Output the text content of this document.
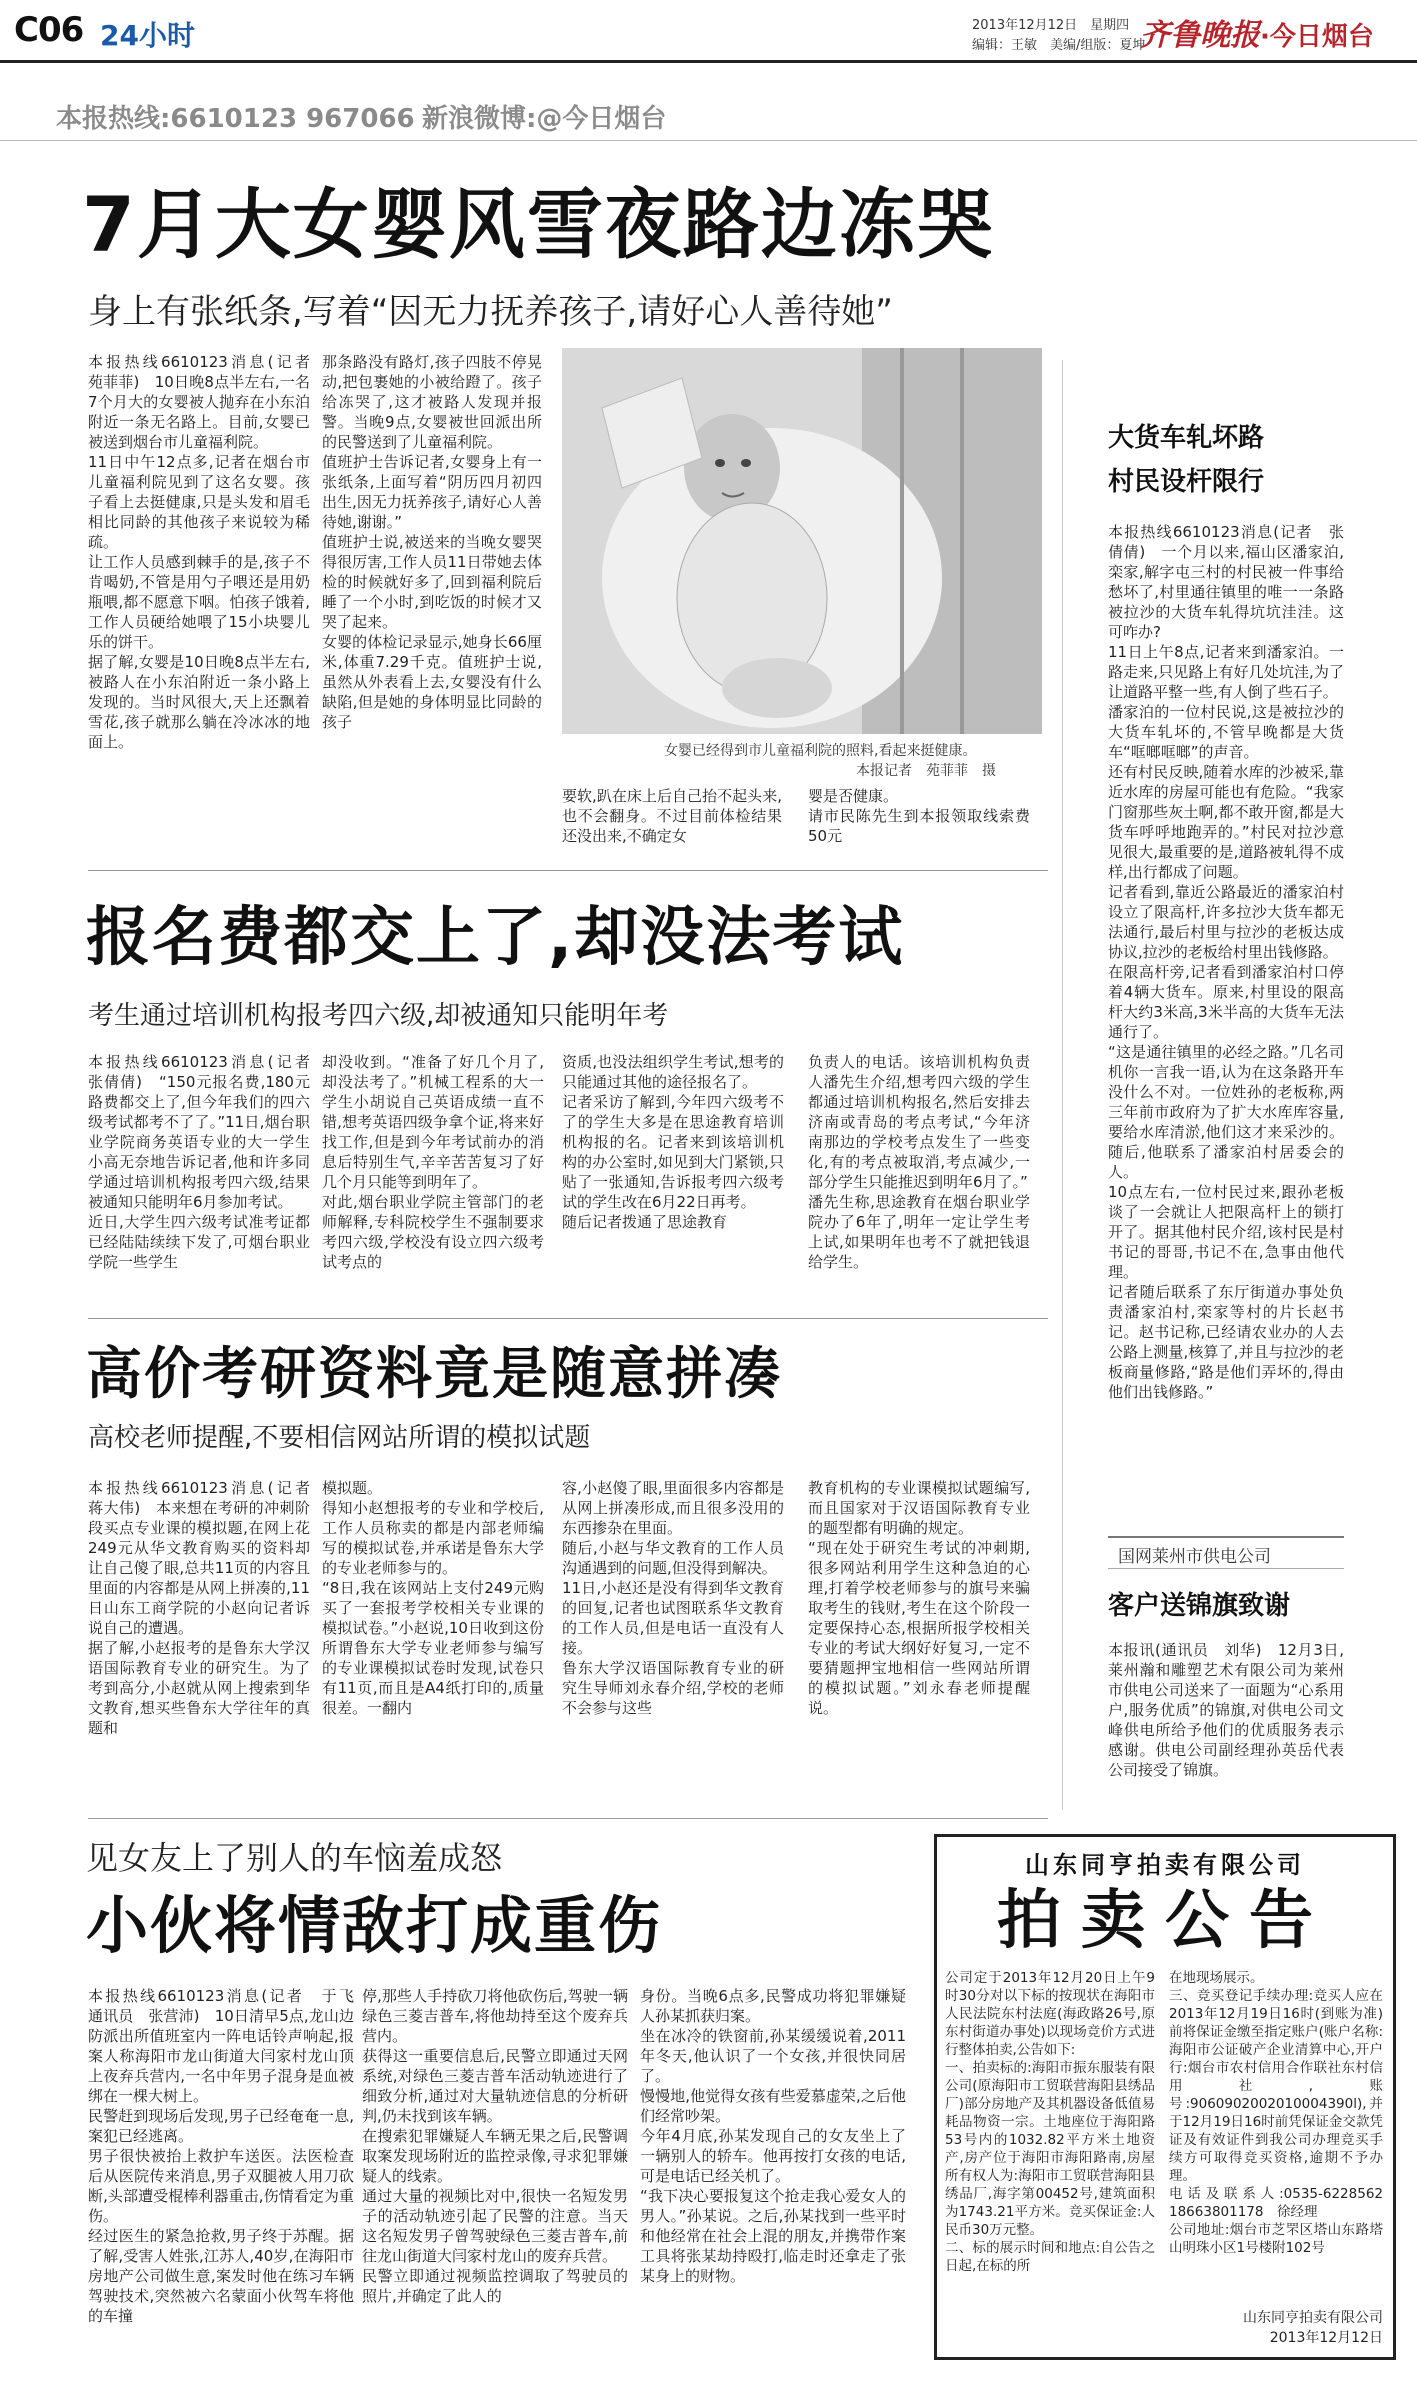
C06 24小时	2013年12月12日　星期四
编辑：王敏　美编/组版：夏坤
齐鲁晚报·今日烟台
本报热线:6610123 967066 新浪微博:@今日烟台
7月大女婴风雪夜路边冻哭
身上有张纸条,写着“因无力抚养孩子,请好心人善待她”
本报热线6610123消息(记者　苑菲菲)　10日晚8点半左右,一名7个月大的女婴被人抛弃在小东泊附近一条无名路上。目前,女婴已被送到烟台市儿童福利院。
11日中午12点多,记者在烟台市儿童福利院见到了这名女婴。孩子看上去挺健康,只是头发和眉毛相比同龄的其他孩子来说较为稀疏。
让工作人员感到棘手的是,孩子不肯喝奶,不管是用勺子喂还是用奶瓶喂,都不愿意下咽。怕孩子饿着,工作人员硬给她喂了15小块婴儿乐的饼干。
据了解,女婴是10日晚8点半左右,被路人在小东泊附近一条小路上发现的。当时风很大,天上还飘着雪花,孩子就那么躺在冷冰冰的地面上。
那条路没有路灯,孩子四肢不停晃动,把包裹她的小被给蹬了。孩子给冻哭了,这才被路人发现并报警。当晚9点,女婴被世回派出所的民警送到了儿童福利院。
值班护士告诉记者,女婴身上有一张纸条,上面写着“阴历四月初四出生,因无力抚养孩子,请好心人善待她,谢谢。”
值班护士说,被送来的当晚女婴哭得很厉害,工作人员11日带她去体检的时候就好多了,回到福利院后睡了一个小时,到吃饭的时候才又哭了起来。
女婴的体检记录显示,她身长66厘米,体重7.29千克。值班护士说,虽然从外表看上去,女婴没有什么缺陷,但是她的身体明显比同龄的孩子
女婴已经得到市儿童福利院的照料,看起来挺健康。
本报记者　苑菲菲　摄
要软,趴在床上后自己抬不起头来,也不会翻身。不过目前体检结果还没出来,不确定女
婴是否健康。
请市民陈先生到本报领取线索费50元
报名费都交上了,却没法考试
考生通过培训机构报考四六级,却被通知只能明年考
本报热线6610123消息(记者　张倩倩)　“150元报名费,180元路费都交上了,但今年我们的四六级考试都考不了了。”11日,烟台职业学院商务英语专业的大一学生小高无奈地告诉记者,他和许多同学通过培训机构报考四六级,结果被通知只能明年6月参加考试。
近日,大学生四六级考试准考证都已经陆陆续续下发了,可烟台职业学院一些学生
却没收到。“准备了好几个月了,却没法考了。”机械工程系的大一学生小胡说自己英语成绩一直不错,想考英语四级争拿个证,将来好找工作,但是到今年考试前办的消息后特别生气,辛辛苦苦复习了好几个月只能等到明年了。
对此,烟台职业学院主管部门的老师解释,专科院校学生不强制要求考四六级,学校没有设立四六级考试考点的
资质,也没法组织学生考试,想考的只能通过其他的途径报名了。
记者采访了解到,今年四六级考不了的学生大多是在思途教育培训机构报的名。记者来到该培训机构的办公室时,如见到大门紧锁,只贴了一张通知,告诉报考四六级考试的学生改在6月22日再考。
随后记者拨通了思途教育
负责人的电话。该培训机构负责人潘先生介绍,想考四六级的学生都通过培训机构报名,然后安排去济南或青岛的考点考试,“今年济南那边的学校考点发生了一些变化,有的考点被取消,考点减少,一部分学生只能推迟到明年6月了。”
潘先生称,思途教育在烟台职业学院办了6年了,明年一定让学生考上试,如果明年也考不了就把钱退给学生。
高价考研资料竟是随意拼凑
高校老师提醒,不要相信网站所谓的模拟试题
本报热线6610123消息(记者　蒋大伟)　本来想在考研的冲刺阶段买点专业课的模拟题,在网上花249元从华文教育购买的资料却让自己傻了眼,总共11页的内容且里面的内容都是从网上拼凑的,11日山东工商学院的小赵向记者诉说自己的遭遇。
据了解,小赵报考的是鲁东大学汉语国际教育专业的研究生。为了考到高分,小赵就从网上搜索到华文教育,想买些鲁东大学往年的真题和
模拟题。
得知小赵想报考的专业和学校后,工作人员称卖的都是内部老师编写的模拟试卷,并承诺是鲁东大学的专业老师参与的。
“8日,我在该网站上支付249元购买了一套报考学校相关专业课的模拟试卷。”小赵说,10日收到这份所谓鲁东大学专业老师参与编写的专业课模拟试卷时发现,试卷只有11页,而且是A4纸打印的,质量很差。一翻内
容,小赵傻了眼,里面很多内容都是从网上拼凑形成,而且很多没用的东西掺杂在里面。
随后,小赵与华文教育的工作人员沟通遇到的问题,但没得到解决。
11日,小赵还是没有得到华文教育的回复,记者也试图联系华文教育的工作人员,但是电话一直没有人接。
鲁东大学汉语国际教育专业的研究生导师刘永春介绍,学校的老师不会参与这些
教育机构的专业课模拟试题编写,而且国家对于汉语国际教育专业的题型都有明确的规定。
“现在处于研究生考试的冲刺期,很多网站利用学生这种急迫的心理,打着学校老师参与的旗号来骗取考生的钱财,考生在这个阶段一定要保持心态,根据所报学校相关专业的考试大纲好好复习,一定不要猜题押宝地相信一些网站所谓的模拟试题。”刘永春老师提醒说。
见女友上了别人的车恼羞成怒
小伙将情敌打成重伤
本报热线6610123消息(记者　于飞　通讯员　张营沛)　10日清早5点,龙山边防派出所值班室内一阵电话铃声响起,报案人称海阳市龙山街道大闫家村龙山顶上夜弃兵营内,一名中年男子混身是血被绑在一棵大树上。
民警赶到现场后发现,男子已经奄奄一息,案犯已经逃离。
男子很快被抬上救护车送医。法医检查后从医院传来消息,男子双腿被人用刀砍断,头部遭受棍棒利器重击,伤情看定为重伤。
经过医生的紧急抢救,男子终于苏醒。据了解,受害人姓张,江苏人,40岁,在海阳市房地产公司做生意,案发时他在练习车辆驾驶技术,突然被六名蒙面小伙驾车将他的车撞
停,那些人手持砍刀将他砍伤后,驾驶一辆绿色三菱吉普车,将他劫持至这个废弃兵营内。
获得这一重要信息后,民警立即通过天网系统,对绿色三菱吉普车活动轨迹进行了细致分析,通过对大量轨迹信息的分析研判,仍未找到该车辆。
在搜索犯罪嫌疑人车辆无果之后,民警调取案发现场附近的监控录像,寻求犯罪嫌疑人的线索。
通过大量的视频比对中,很快一名短发男子的活动轨迹引起了民警的注意。当天这名短发男子曾驾驶绿色三菱吉普车,前往龙山街道大闫家村龙山的废弃兵营。
民警立即通过视频监控调取了驾驶员的照片,并确定了此人的
身份。当晚6点多,民警成功将犯罪嫌疑人孙某抓获归案。
坐在冰冷的铁窗前,孙某缓缓说着,2011年冬天,他认识了一个女孩,并很快同居了。
慢慢地,他觉得女孩有些爱慕虚荣,之后他们经常吵架。
今年4月底,孙某发现自己的女友坐上了一辆别人的轿车。他再按打女孩的电话,可是电话已经关机了。
“我下决心要报复这个抢走我心爱女人的男人。”孙某说。之后,孙某找到一些平时和他经常在社会上混的朋友,并携带作案工具将张某劫持殴打,临走时还拿走了张某身上的财物。
大货车轧坏路
村民设杆限行
本报热线6610123消息(记者　张倩倩)　一个月以来,福山区潘家泊,栾家,解字屯三村的村民被一件事给愁坏了,村里通往镇里的唯一一条路被拉沙的大货车轧得坑坑洼洼。这可咋办?
11日上午8点,记者来到潘家泊。一路走来,只见路上有好几处坑洼,为了让道路平整一些,有人倒了些石子。
潘家泊的一位村民说,这是被拉沙的大货车轧坏的,不管早晚都是大货车“哐啷哐啷”的声音。
还有村民反映,随着水库的沙被采,靠近水库的房屋可能也有危险。“我家门窗那些灰土啊,都不敢开窗,都是大货车呼呼地跑弄的。”村民对拉沙意见很大,最重要的是,道路被轧得不成样,出行都成了问题。
记者看到,靠近公路最近的潘家泊村设立了限高杆,许多拉沙大货车都无法通行,最后村里与拉沙的老板达成协议,拉沙的老板给村里出钱修路。
在限高杆旁,记者看到潘家泊村口停着4辆大货车。原来,村里设的限高杆大约3米高,3米半高的大货车无法通行了。
“这是通往镇里的必经之路。”几名司机你一言我一语,认为在这条路开车没什么不对。一位姓孙的老板称,两三年前市政府为了扩大水库库容量,要给水库清淤,他们这才来采沙的。随后,他联系了潘家泊村居委会的人。
10点左右,一位村民过来,跟孙老板谈了一会就让人把限高杆上的锁打开了。据其他村民介绍,该村民是村书记的哥哥,书记不在,急事由他代理。
记者随后联系了东厅街道办事处负责潘家泊村,栾家等村的片长赵书记。赵书记称,已经请农业办的人去公路上测量,核算了,并且与拉沙的老板商量修路,“路是他们弄坏的,得由他们出钱修路。”
国网莱州市供电公司
客户送锦旗致谢
本报讯(通讯员　刘华)　12月3日,莱州瀚和雕塑艺术有限公司为莱州市供电公司送来了一面题为“心系用户,服务优质”的锦旗,对供电公司文峰供电所给予他们的优质服务表示感谢。供电公司副经理孙英岳代表公司接受了锦旗。
山东同亨拍卖有限公司
拍卖公告
公司定于2013年12月20日上午9时30分对以下标的按现状在海阳市人民法院东村法庭(海政路26号,原东村街道办事处)以现场竞价方式进行整体拍卖,公告如下:
一、拍卖标的:海阳市振东服装有限公司(原海阳市工贸联营海阳县绣品厂)部分房地产及其机器设备低值易耗品物资一宗。土地座位于海阳路53号内的1032.82平方米土地资产,房产位于海阳市海阳路南,房屋所有权人为:海阳市工贸联营海阳县绣品厂,海字第00452号,建筑面积为1743.21平方米。竞买保证金:人民币30万元整。
二、标的展示时间和地点:自公告之日起,在标的所
在地现场展示。
三、竞买登记手续办理:竞买人应在2013年12月19日16时(到账为准)前将保证金缴至指定账户(账户名称:海阳市公证破产企业清算中心,开户行:烟台市农村信用合作联社东村信用社,账号:9060902002010004390l),并于12月19日16时前凭保证金交款凭证及有效证件到我公司办理竞买手续方可取得竞买资格,逾期不予办理。
电话及联系人:0535-6228562　18663801178　徐经理
公司地址:烟台市芝罘区塔山东路塔山明珠小区1号楼附102号
山东同亨拍卖有限公司
2013年12月12日
